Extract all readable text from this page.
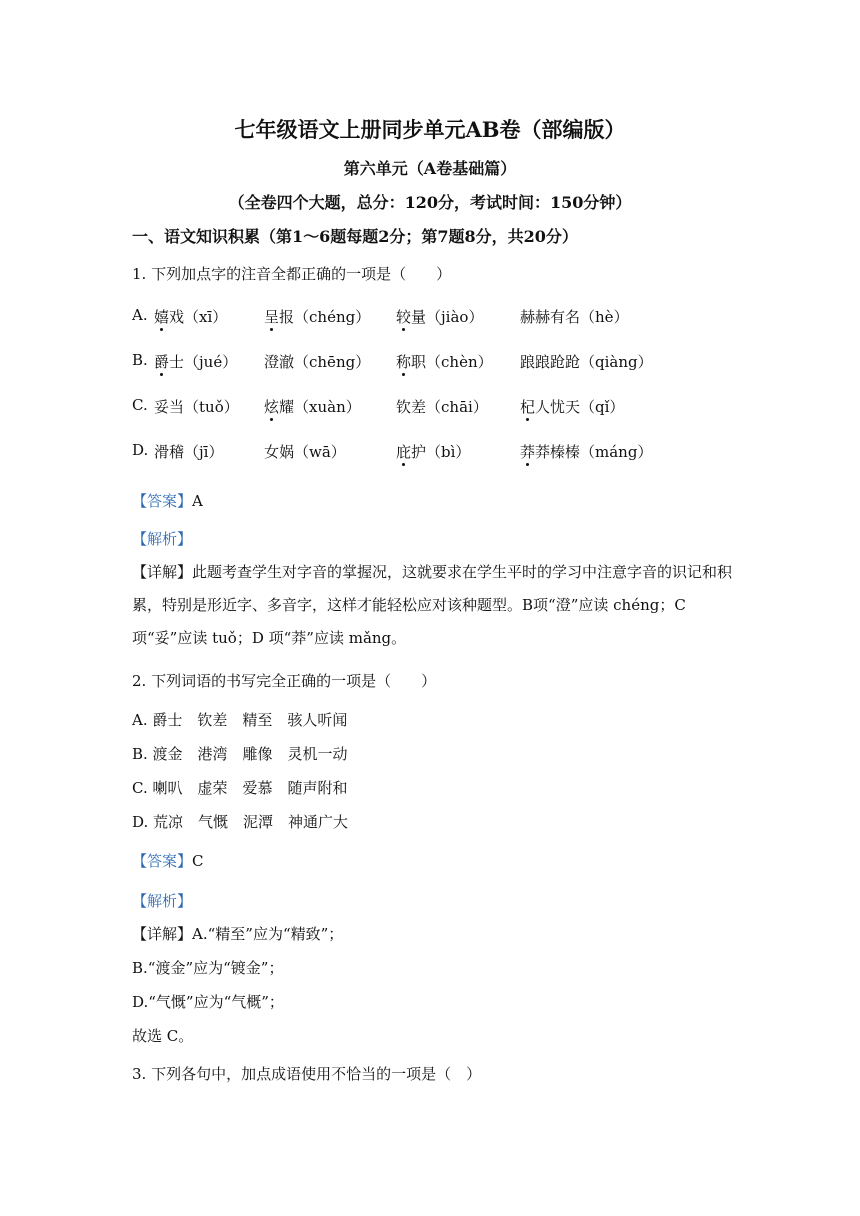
七年级语文上册同步单元AB卷（部编版）
第六单元（A卷基础篇）
（全卷四个大题，总分：120分，考试时间：150分钟）
一、语文知识积累（第1～6题每题2分；第7题8分，共20分）
1. 下列加点字的注音全都正确的一项是（　　）
A. 嬉戏（xī） 呈报（chéng） 较量（jiào） 赫赫有名（hè）
B. 爵士（jué） 澄澈（chēng） 称职（chèn） 踉踉跄跄（qiàng）
C. 妥当（tuǒ） 炫耀（xuàn） 钦差（chāi） 杞人忧天（qǐ）
D. 滑稽（jī）	女娲（wā）	庇护（bì）	莽莽榛榛（máng）
【答案】A
【解析】
【详解】此题考查学生对字音的掌握况，这就要求在学生平时的学习中注意字音的识记和积累，特别是形近字、多音字，这样才能轻松应对该种题型。B项“澄”应读 chéng；C 项“妥”应读 tuǒ；D 项“莽”应读 mǎng。
2. 下列词语的书写完全正确的一项是（　　）
A. 爵士　钦差　精至　骇人听闻
B. 渡金　港湾　雕像　灵机一动
C. 喇叭　虚荣　爱慕　随声附和
D. 荒凉　气慨　泥潭　神通广大
【答案】C
【解析】
【详解】A.“精至”应为“精致”；
B.“渡金”应为“镀金”；
D.“气慨”应为“气概”；
故选 C。
3. 下列各句中，加点成语使用不恰当的一项是（　）
